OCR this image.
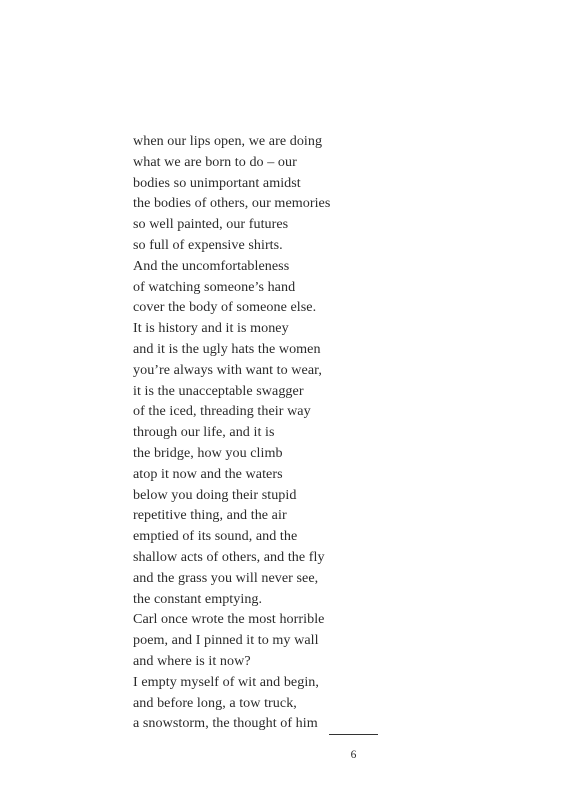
when our lips open, we are doing
what we are born to do – our
bodies so unimportant amidst
the bodies of others, our memories
so well painted, our futures
so full of expensive shirts.
And the uncomfortableness
of watching someone’s hand
cover the body of someone else.
It is history and it is money
and it is the ugly hats the women
you’re always with want to wear,
it is the unacceptable swagger
of the iced, threading their way
through our life, and it is
the bridge, how you climb
atop it now and the waters
below you doing their stupid
repetitive thing, and the air
emptied of its sound, and the
shallow acts of others, and the fly
and the grass you will never see,
the constant emptying.
Carl once wrote the most horrible
poem, and I pinned it to my wall
and where is it now?
I empty myself of wit and begin,
and before long, a tow truck,
a snowstorm, the thought of him
6
